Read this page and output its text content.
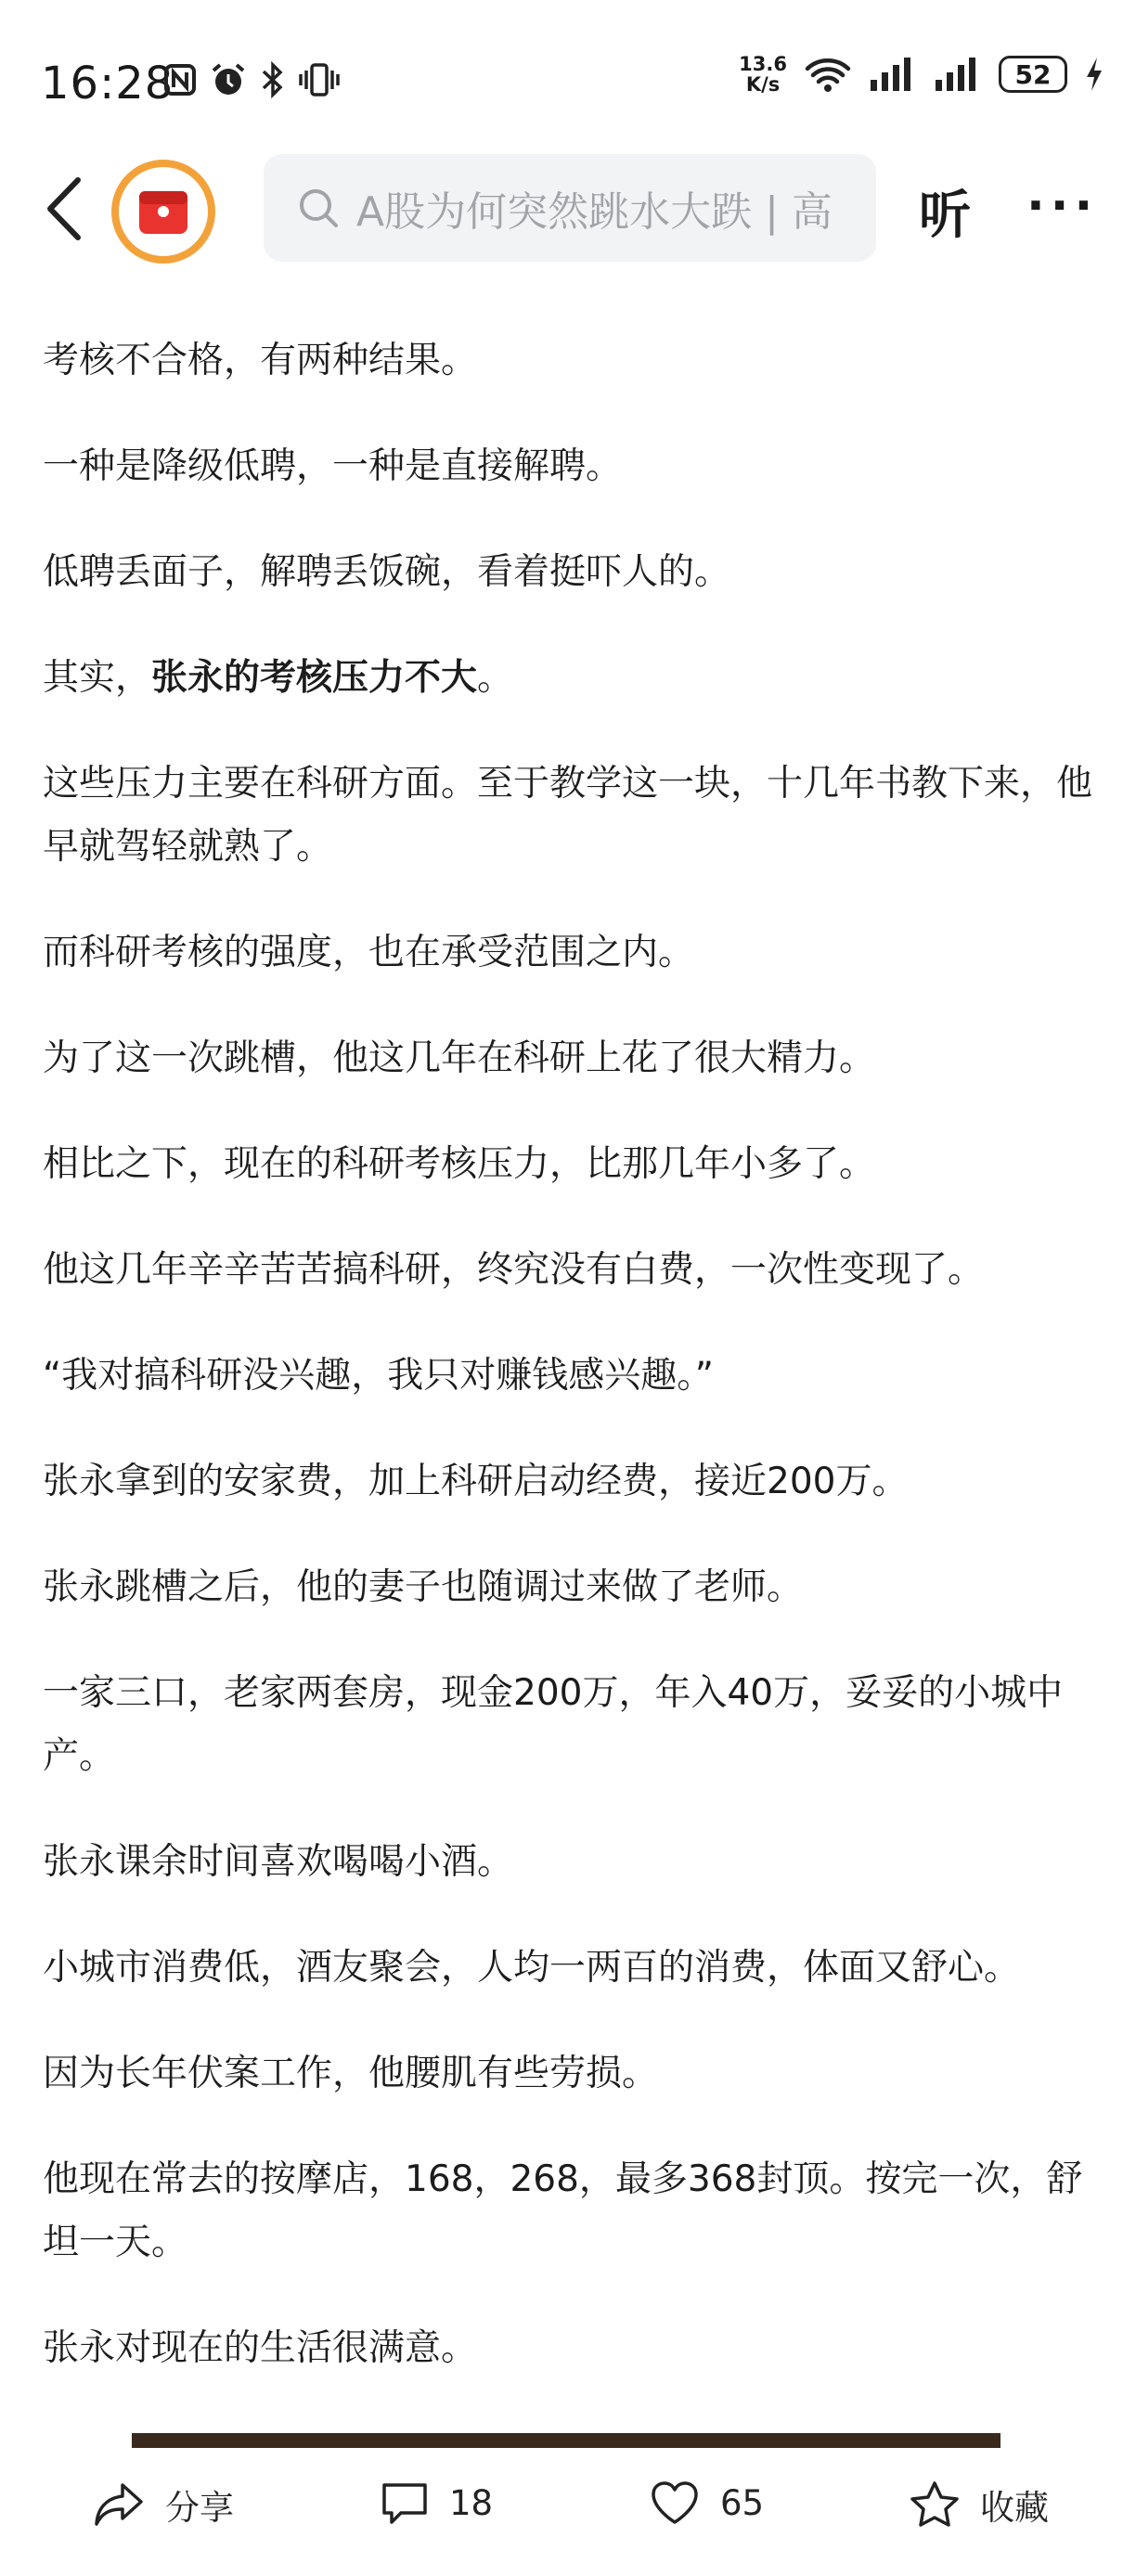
16:28	13.6
K/s	52
A股为何突然跳水大跌 | 高 听 ···

考核不合格，有两种结果。

一种是降级低聘，一种是直接解聘。

低聘丢面子，解聘丢饭碗，看着挺吓人的。

其实，张永的考核压力不大。

这些压力主要在科研方面。至于教学这一块，十几年书教下来，他早就驾轻就熟了。

而科研考核的强度，也在承受范围之内。

为了这一次跳槽，他这几年在科研上花了很大精力。

相比之下，现在的科研考核压力，比那几年小多了。

他这几年辛辛苦苦搞科研，终究没有白费，一次性变现了。

“我对搞科研没兴趣，我只对赚钱感兴趣。”

张永拿到的安家费，加上科研启动经费，接近200万。

张永跳槽之后，他的妻子也随调过来做了老师。

一家三口，老家两套房，现金200万，年入40万，妥妥的小城中产。

张永课余时间喜欢喝喝小酒。

小城市消费低，酒友聚会，人均一两百的消费，体面又舒心。

因为长年伏案工作，他腰肌有些劳损。

他现在常去的按摩店，168，268，最多368封顶。按完一次，舒坦一天。

张永对现在的生活很满意。

分享	18	65	收藏
